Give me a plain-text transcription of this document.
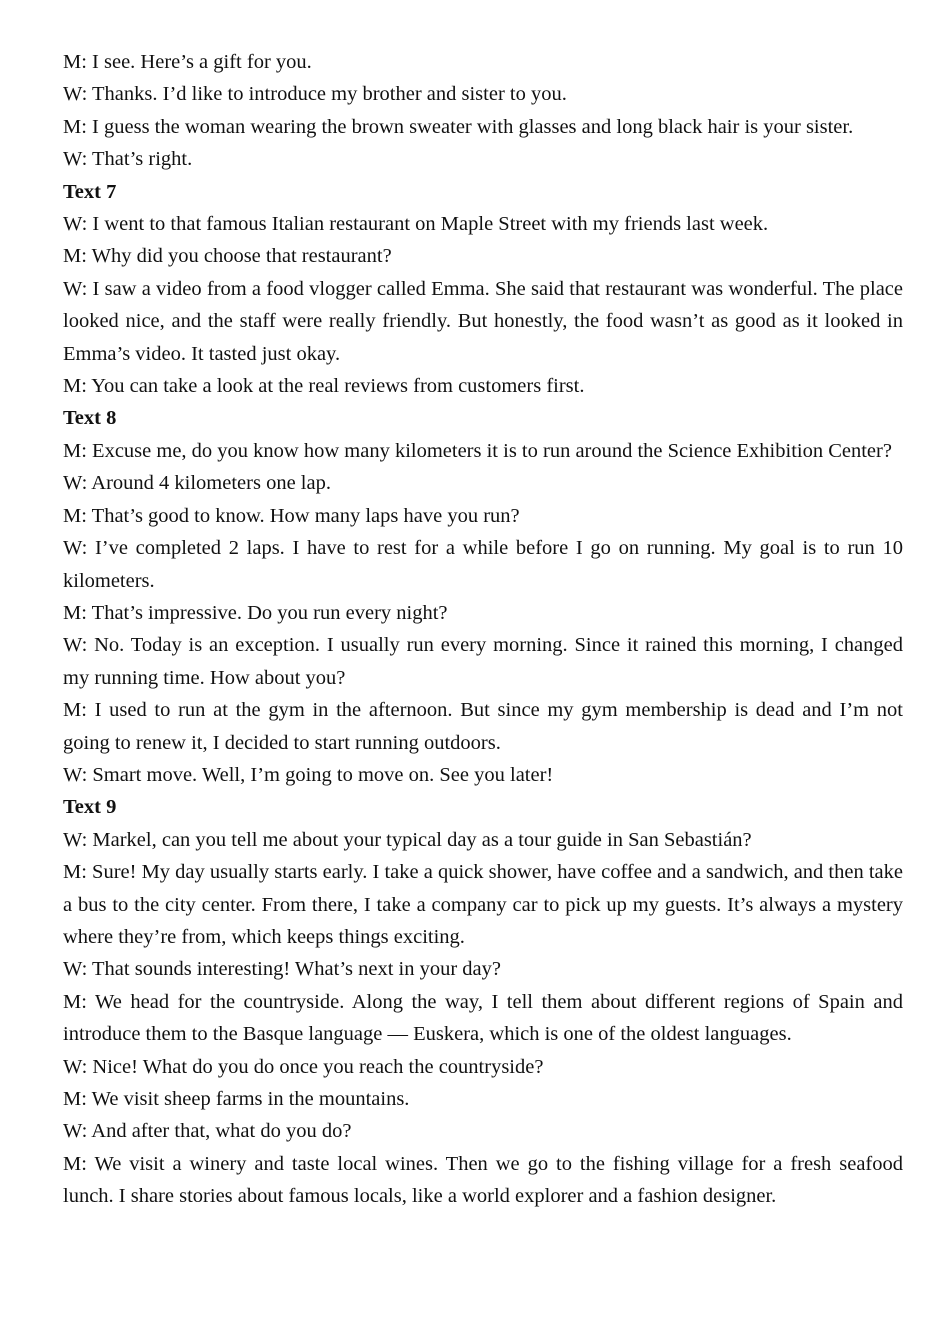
M: I see. Here’s a gift for you.

W: Thanks. I’d like to introduce my brother and sister to you.

M: I guess the woman wearing the brown sweater with glasses and long black hair is your sister.

W: That’s right.

Text 7

W: I went to that famous Italian restaurant on Maple Street with my friends last week.

M: Why did you choose that restaurant?

W: I saw a video from a food vlogger called Emma. She said that restaurant was wonderful. The place looked nice, and the staff were really friendly. But honestly, the food wasn’t as good as it looked in Emma’s video. It tasted just okay.

M: You can take a look at the real reviews from customers first.

Text 8

M: Excuse me, do you know how many kilometers it is to run around the Science Exhibition Center?

W: Around 4 kilometers one lap.

M: That’s good to know. How many laps have you run?

W: I’ve completed 2 laps. I have to rest for a while before I go on running. My goal is to run 10 kilometers.

M: That’s impressive. Do you run every night?

W: No. Today is an exception. I usually run every morning. Since it rained this morning, I changed my running time. How about you?

M: I used to run at the gym in the afternoon. But since my gym membership is dead and I’m not going to renew it, I decided to start running outdoors.

W: Smart move. Well, I’m going to move on. See you later!

Text 9

W: Markel, can you tell me about your typical day as a tour guide in San Sebastián?

M: Sure! My day usually starts early. I take a quick shower, have coffee and a sandwich, and then take a bus to the city center. From there, I take a company car to pick up my guests. It’s always a mystery where they’re from, which keeps things exciting.

W: That sounds interesting! What’s next in your day?

M: We head for the countryside. Along the way, I tell them about different regions of Spain and introduce them to the Basque language — Euskera, which is one of the oldest languages.

W: Nice! What do you do once you reach the countryside?

M: We visit sheep farms in the mountains.

W: And after that, what do you do?

M: We visit a winery and taste local wines. Then we go to the fishing village for a fresh seafood lunch. I share stories about famous locals, like a world explorer and a fashion designer.
